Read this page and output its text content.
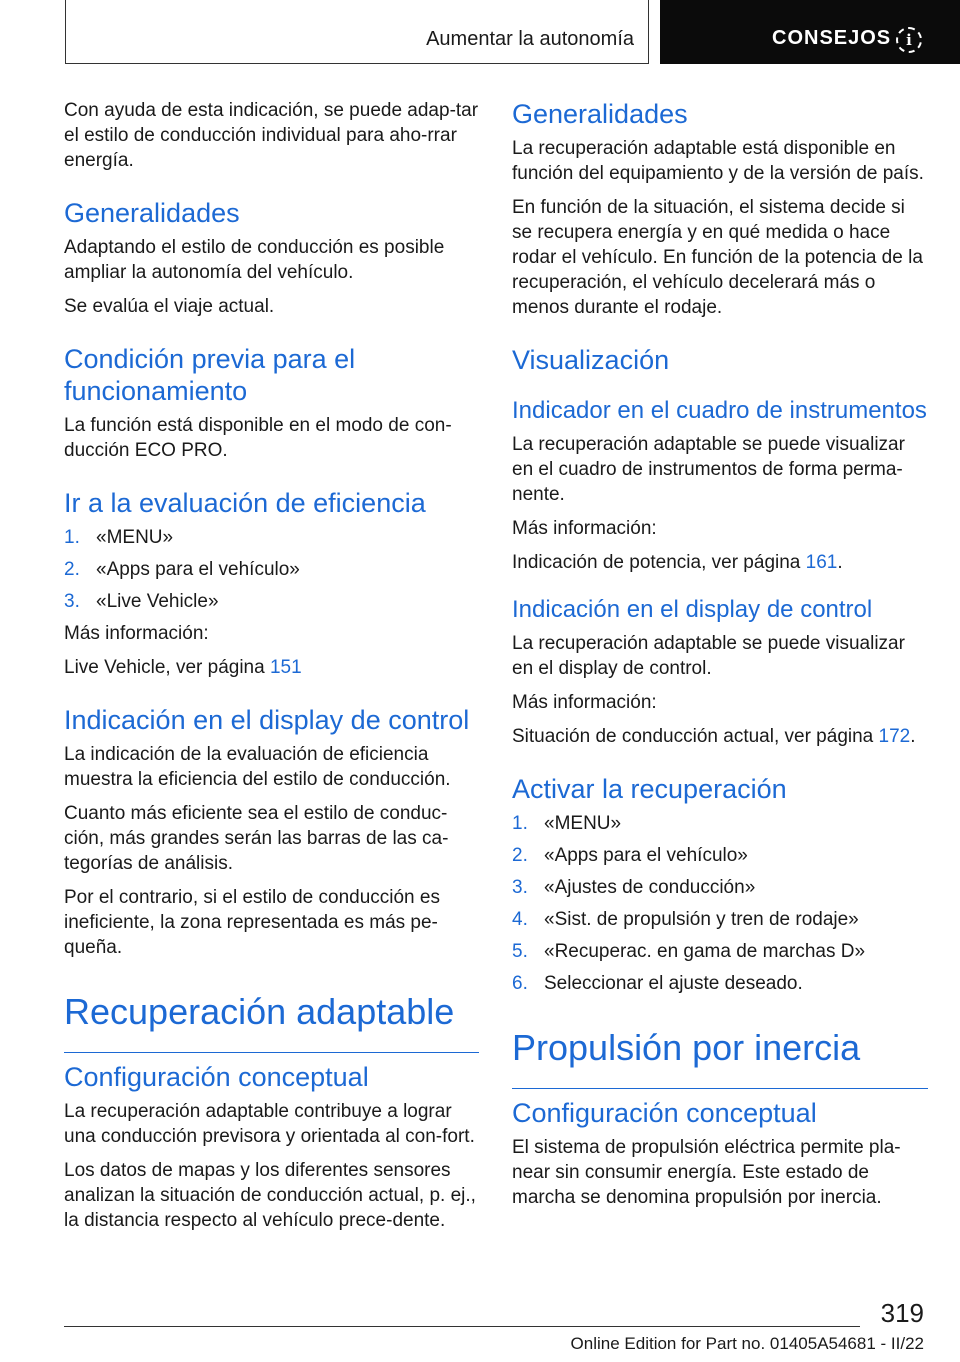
Aumentar la autonomía	CONSEJOS i

Con ayuda de esta indicación, se puede adap-tar el estilo de conducción individual para aho-rrar energía.

Generalidades

Adaptando el estilo de conducción es posible ampliar la autonomía del vehículo.

Se evalúa el viaje actual.

Condición previa para el funcionamiento

La función está disponible en el modo de con-ducción ECO PRO.

Ir a la evaluación de eficiencia
1. «MENU»
2. «Apps para el vehículo»
3. «Live Vehicle»

Más información:

Live Vehicle, ver página 151

Indicación en el display de control

La indicación de la evaluación de eficiencia muestra la eficiencia del estilo de conducción.

Cuanto más eficiente sea el estilo de conduc-ción, más grandes serán las barras de las ca-tegorías de análisis.

Por el contrario, si el estilo de conducción es ineficiente, la zona representada es más pe-queña.

Recuperación adaptable
Configuración conceptual

La recuperación adaptable contribuye a lograr una conducción previsora y orientada al con-fort.

Los datos de mapas y los diferentes sensores analizan la situación de conducción actual, p. ej., la distancia respecto al vehículo prece-dente.

Generalidades

La recuperación adaptable está disponible en función del equipamiento y de la versión de país.

En función de la situación, el sistema decide si se recupera energía y en qué medida o hace rodar el vehículo. En función de la potencia de la recuperación, el vehículo decelerará más o menos durante el rodaje.

Visualización
Indicador en el cuadro de instrumentos

La recuperación adaptable se puede visualizar en el cuadro de instrumentos de forma perma-nente.

Más información:

Indicación de potencia, ver página 161.

Indicación en el display de control

La recuperación adaptable se puede visualizar en el display de control.

Más información:

Situación de conducción actual, ver página 172.

Activar la recuperación
1. «MENU»
2. «Apps para el vehículo»
3. «Ajustes de conducción»
4. «Sist. de propulsión y tren de rodaje»
5. «Recuperac. en gama de marchas D»
6. Seleccionar el ajuste deseado.
Propulsión por inercia
Configuración conceptual

El sistema de propulsión eléctrica permite pla-near sin consumir energía. Este estado de marcha se denomina propulsión por inercia.

319
Online Edition for Part no. 01405A54681 - II/22
